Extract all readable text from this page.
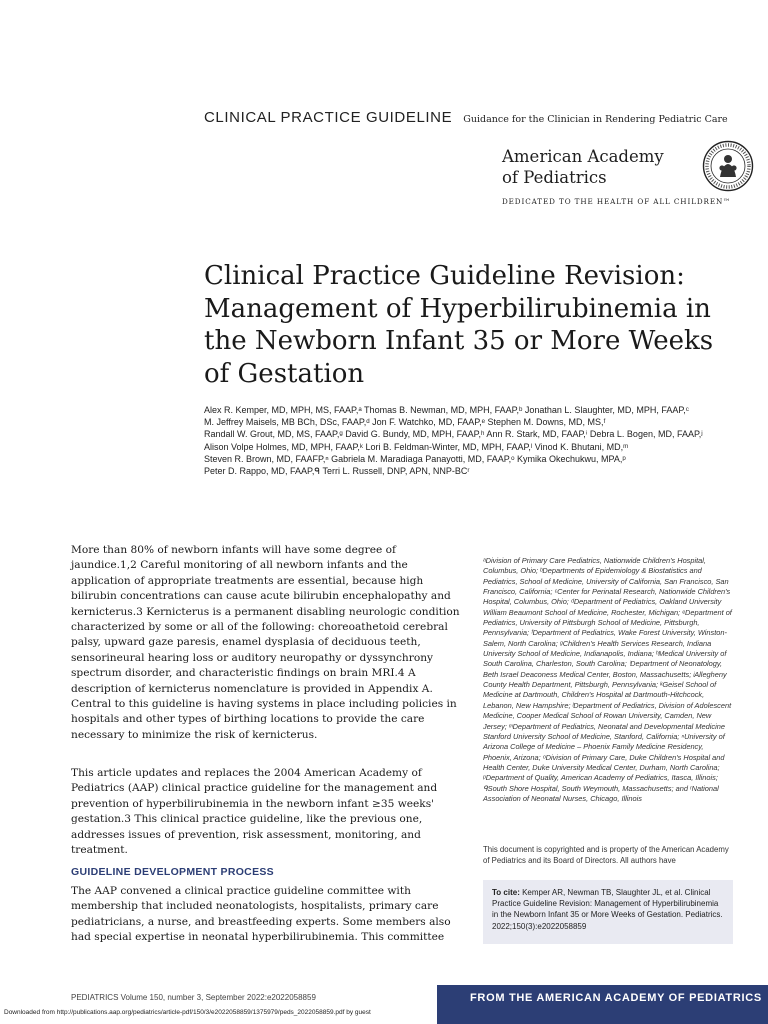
CLINICAL PRACTICE GUIDELINE Guidance for the Clinician in Rendering Pediatric Care
American Academy
of Pediatrics
DEDICATED TO THE HEALTH OF ALL CHILDREN™
Clinical Practice Guideline Revision: Management of Hyperbilirubinemia in the Newborn Infant 35 or More Weeks of Gestation

Alex R. Kemper, MD, MPH, MS, FAAP,ᵃ Thomas B. Newman, MD, MPH, FAAP,ᵇ Jonathan L. Slaughter, MD, MPH, FAAP,ᶜ

M. Jeffrey Maisels, MB BCh, DSc, FAAP,ᵈ Jon F. Watchko, MD, FAAP,ᵉ Stephen M. Downs, MD, MS,ᶠ

Randall W. Grout, MD, MS, FAAP,ᵍ David G. Bundy, MD, MPH, FAAP,ʰ Ann R. Stark, MD, FAAP,ⁱ Debra L. Bogen, MD, FAAP,ʲ

Alison Volpe Holmes, MD, MPH, FAAP,ᵏ Lori B. Feldman-Winter, MD, MPH, FAAP,ˡ Vinod K. Bhutani, MD,ᵐ

Steven R. Brown, MD, FAAFP,ⁿ Gabriela M. Maradiaga Panayotti, MD, FAAP,ᵒ Kymika Okechukwu, MPA,ᵖ

Peter D. Rappo, MD, FAAP,ᑫ Terri L. Russell, DNP, APN, NNP-BCʳ

More than 80% of newborn infants will have some degree of jaundice.1,2 Careful monitoring of all newborn infants and the application of appropriate treatments are essential, because high bilirubin concentrations can cause acute bilirubin encephalopathy and kernicterus.3 Kernicterus is a permanent disabling neurologic condition characterized by some or all of the following: choreoathetoid cerebral palsy, upward gaze paresis, enamel dysplasia of deciduous teeth, sensorineural hearing loss or auditory neuropathy or dyssynchrony spectrum disorder, and characteristic findings on brain MRI.4 A description of kernicterus nomenclature is provided in Appendix A. Central to this guideline is having systems in place including policies in hospitals and other types of birthing locations to provide the care necessary to minimize the risk of kernicterus.

This article updates and replaces the 2004 American Academy of Pediatrics (AAP) clinical practice guideline for the management and prevention of hyperbilirubinemia in the newborn infant ≥35 weeks' gestation.3 This clinical practice guideline, like the previous one, addresses issues of prevention, risk assessment, monitoring, and treatment.

GUIDELINE DEVELOPMENT PROCESS

The AAP convened a clinical practice guideline committee with membership that included neonatologists, hospitalists, primary care pediatricians, a nurse, and breastfeeding experts. Some members also had special expertise in neonatal hyperbilirubinemia. This committee

ᵃDivision of Primary Care Pediatrics, Nationwide Children's Hospital, Columbus, Ohio; ᵇDepartments of Epidemiology & Biostatistics and Pediatrics, School of Medicine, University of California, San Francisco, San Francisco, California; ᶜCenter for Perinatal Research, Nationwide Children's Hospital, Columbus, Ohio; ᵈDepartment of Pediatrics, Oakland University William Beaumont School of Medicine, Rochester, Michigan; ᵉDepartment of Pediatrics, University of Pittsburgh School of Medicine, Pittsburgh, Pennsylvania; ᶠDepartment of Pediatrics, Wake Forest University, Winston-Salem, North Carolina; ᵍChildren's Health Services Research, Indiana University School of Medicine, Indianapolis, Indiana; ʰMedical University of South Carolina, Charleston, South Carolina; ⁱDepartment of Neonatology, Beth Israel Deaconess Medical Center, Boston, Massachusetts; ʲAllegheny County Health Department, Pittsburgh, Pennsylvania; ᵏGeisel School of Medicine at Dartmouth, Children's Hospital at Dartmouth-Hitchcock, Lebanon, New Hampshire; ˡDepartment of Pediatrics, Division of Adolescent Medicine, Cooper Medical School of Rowan University, Camden, New Jersey; ᵐDepartment of Pediatrics, Neonatal and Developmental Medicine Stanford University School of Medicine, Stanford, California; ⁿUniversity of Arizona College of Medicine – Phoenix Family Medicine Residency, Phoenix, Arizona; ᵒDivision of Primary Care, Duke Children's Hospital and Health Center, Duke University Medical Center, Durham, North Carolina; ᵖDepartment of Quality, American Academy of Pediatrics, Itasca, Illinois; ᑫSouth Shore Hospital, South Weymouth, Massachusetts; and ʳNational Association of Neonatal Nurses, Chicago, Illinois

This document is copyrighted and is property of the American Academy of Pediatrics and its Board of Directors. All authors have

To cite: Kemper AR, Newman TB, Slaughter JL, et al. Clinical Practice Guideline Revision: Management of Hyperbilirubinemia in the Newborn Infant 35 or More Weeks of Gestation. Pediatrics. 2022;150(3):e2022058859
PEDIATRICS Volume 150, number 3, September 2022:e2022058859	FROM THE AMERICAN ACADEMY OF PEDIATRICS
Downloaded from http://publications.aap.org/pediatrics/article-pdf/150/3/e2022058859/1375979/peds_2022058859.pdf by guest
